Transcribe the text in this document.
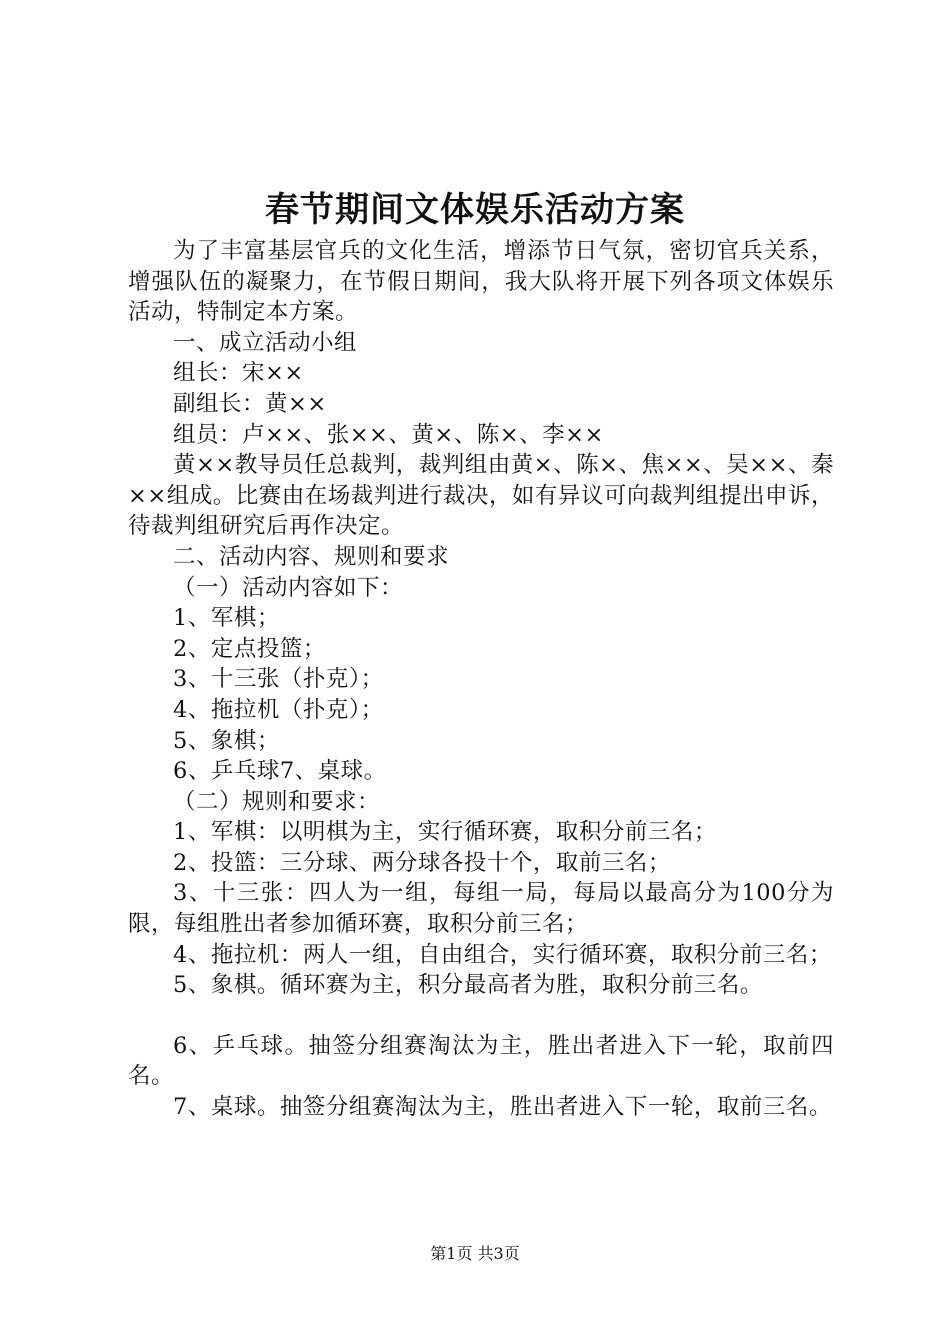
春节期间文体娱乐活动方案

为了丰富基层官兵的文化生活，增添节日气氛，密切官兵关系，增强队伍的凝聚力，在节假日期间，我大队将开展下列各项文体娱乐活动，特制定本方案。

一、成立活动小组

组长：宋××

副组长：黄××

组员：卢××、张××、黄×、陈×、李××

黄××教导员任总裁判，裁判组由黄×、陈×、焦××、吴××、秦××组成。比赛由在场裁判进行裁决，如有异议可向裁判组提出申诉，待裁判组研究后再作决定。

二、活动内容、规则和要求

（一）活动内容如下：

1、军棋；

2、定点投篮；

3、十三张（扑克）；

4、拖拉机（扑克）；

5、象棋；

6、乒乓球7、桌球。

（二）规则和要求：

1、军棋：以明棋为主，实行循环赛，取积分前三名；

2、投篮：三分球、两分球各投十个，取前三名；

3、十三张：四人为一组，每组一局，每局以最高分为100分为限，每组胜出者参加循环赛，取积分前三名；

4、拖拉机：两人一组，自由组合，实行循环赛，取积分前三名；

5、象棋。循环赛为主，积分最高者为胜，取积分前三名。

6、乒乓球。抽签分组赛淘汰为主，胜出者进入下一轮，取前四名。

7、桌球。抽签分组赛淘汰为主，胜出者进入下一轮，取前三名。

第1页 共3页
